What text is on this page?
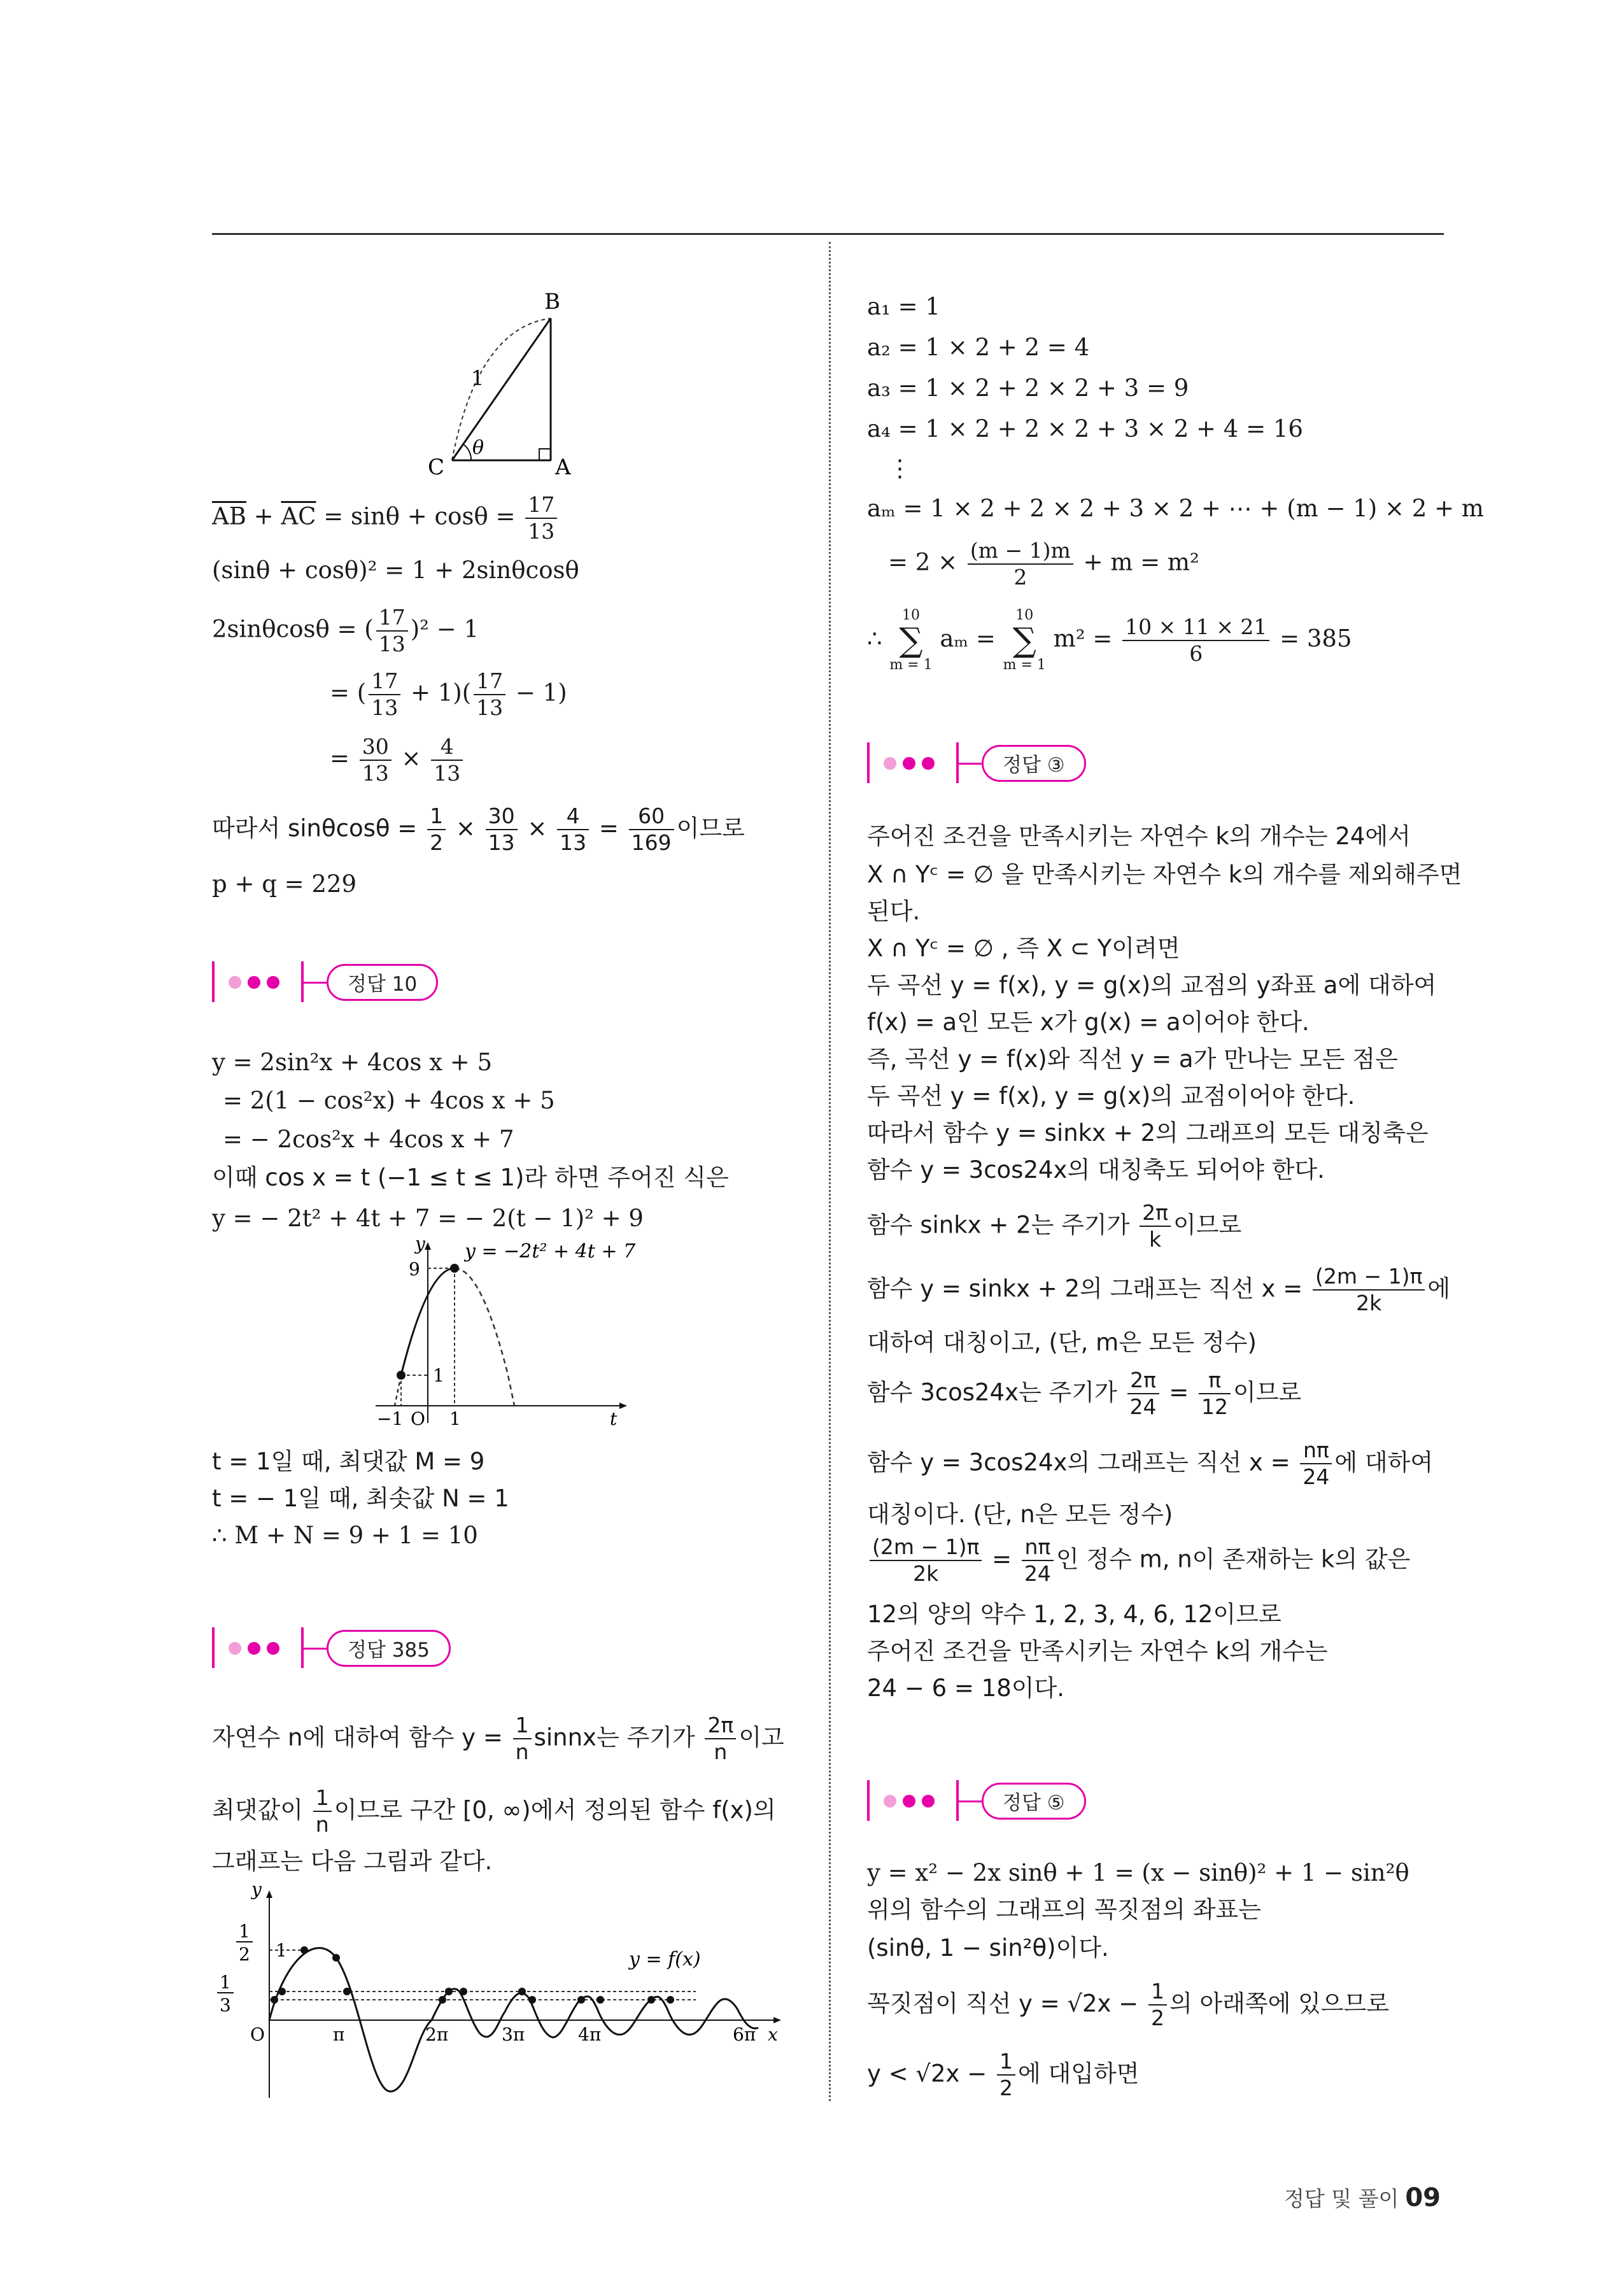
B
C	A
1
θ
$\overline{AB} + \overline{AC} = \sin\theta + \cos\theta = \frac{17}{13}$
(sinθ + cosθ)² = 1 + 2sinθcosθ
2sinθcosθ = ( $\frac{17}{13} )^2 - 1$
= ( $\frac{17}{13} + 1)( \frac{17}{13} - 1)$
= $\frac{30}{13} \times \frac{4}{13}$
따라서 $\sin\theta\cos\theta = \frac{1}{2} \times \frac{30}{13} \times \frac{4}{13} = \frac{60}{169}$ 이므로
p + q = 229
정답 10
y = 2sin²x + 4cos x + 5
= 2(1 − cos²x) + 4cos x + 5
= − 2cos²x + 4cos x + 7
이때 cos x = t (−1 ≤ t ≤ 1)라 하면 주어진 식은
y = − 2t² + 4t + 7 = − 2(t − 1)² + 9
y
9
y = −2t² + 4t + 7
1
−1 O 1	t
t = 1일 때, 최댓값 M = 9
t = − 1일 때, 최솟값 N = 1
∴ M + N = 9 + 1 = 10
정답 385
자연수 n에 대하여 함수 $y = \frac{1}{n}$ sinnx는 주기가 $\frac{2\pi}{n}$ 이고
최댓값이 $\frac{1}{n}$ 이므로 구간 [0, ∞)에서 정의된 함수 f(x)의
그래프는 다음 그림과 같다.
y
1
2 1
1
3
O	π	2π	3π	4π	6π x
y = f(x)
a₁ = 1
a₂ = 1 × 2 + 2 = 4
a₃ = 1 × 2 + 2 × 2 + 3 = 9
a₄ = 1 × 2 + 2 × 2 + 3 × 2 + 4 = 16
⋮
aₘ = 1 × 2 + 2 × 2 + 3 × 2 + ⋯ + (m − 1) × 2 + m
= $2 \times \frac{(m - 1)m}{2} + m = m^2$
∴
10
∑
m = 1
aₘ =
10
∑
m = 1
$m^2 = \frac{10 \times 11 \times 21}{6} = 385$
정답 ③
주어진 조건을 만족시키는 자연수 k의 개수는 24에서
X ∩ Yᶜ = ∅ 을 만족시키는 자연수 k의 개수를 제외해주면
된다.
X ∩ Yᶜ = ∅ , 즉 X ⊂ Y이려면
두 곡선 y = f(x), y = g(x)의 교점의 y좌표 a에 대하여
f(x) = a인 모든 x가 g(x) = a이어야 한다.
즉, 곡선 y = f(x)와 직선 y = a가 만나는 모든 점은
두 곡선 y = f(x), y = g(x)의 교점이어야 한다.
따라서 함수 y = sinkx + 2의 그래프의 모든 대칭축은
함수 y = 3cos24x의 대칭축도 되어야 한다.
함수 sinkx + 2는 주기가 $\frac{2\pi}{k}$ 이므로
함수 y = sinkx + 2의 그래프는 직선 $x = \frac{(2m - 1)\pi}{2k}$ 에
대하여 대칭이고, (단, m은 모든 정수)
함수 3cos24x는 주기가 $\frac{2\pi}{24} = \frac{\pi}{12}$ 이므로
함수 y = 3cos24x의 그래프는 직선 $x = \frac{n\pi}{24}$ 에 대하여
대칭이다. (단, n은 모든 정수)
$\frac{(2m - 1)\pi}{2k} = \frac{n\pi}{24}$ 인 정수 m, n이 존재하는 k의 값은
12의 양의 약수 1, 2, 3, 4, 6, 12이므로
주어진 조건을 만족시키는 자연수 k의 개수는
24 − 6 = 18이다.
정답 ⑤
y = x² − 2x sinθ + 1 = (x − sinθ)² + 1 − sin²θ
위의 함수의 그래프의 꼭짓점의 좌표는
(sinθ, 1 − sin²θ)이다.
꼭짓점이 직선 $y = √2x - \frac{1}{2}$ 의 아래쪽에 있으므로
$y < √2x - \frac{1}{2}$ 에 대입하면
정답 및 풀이 09
